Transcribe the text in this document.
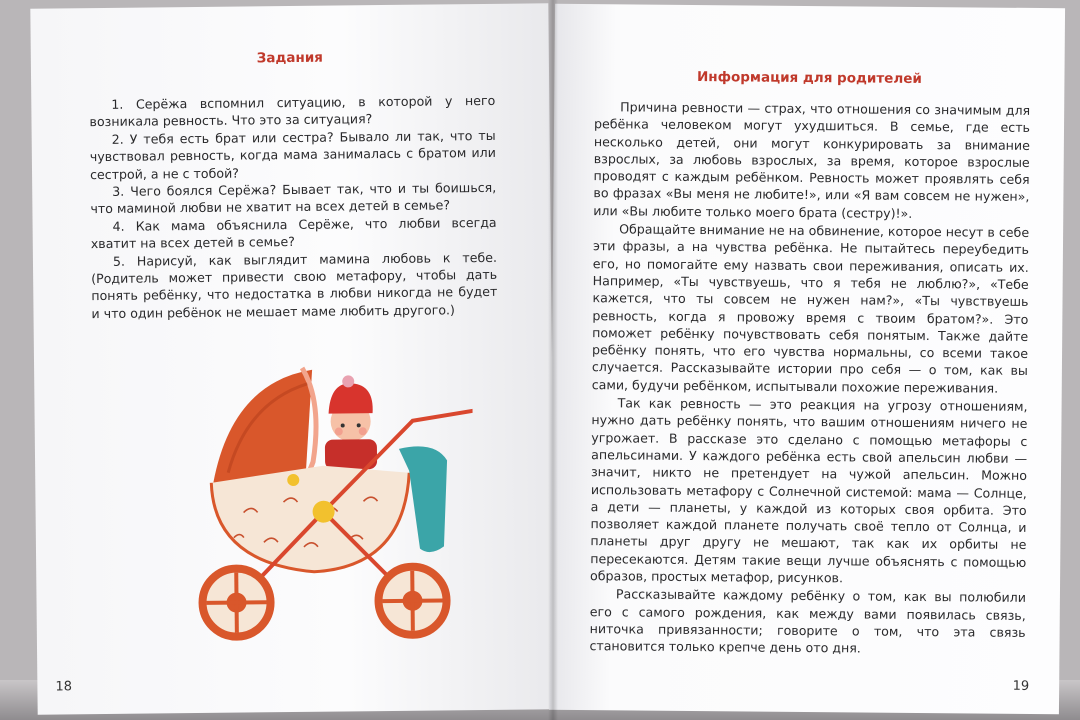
Задания
1. Серёжа вспомнил ситуацию, в которой у него возникала ревность. Что это за ситуация?
2. У тебя есть брат или сестра? Бывало ли так, что ты чувствовал ревность, когда мама занималась с братом или сестрой, а не с тобой?
3. Чего боялся Серёжа? Бывает так, что и ты боишься, что маминой любви не хватит на всех детей в семье?
4. Как мама объяснила Серёже, что любви всегда хватит на всех детей в семье?
5. Нарисуй, как выглядит мамина любовь к тебе. (Родитель может привести свою метафору, чтобы дать понять ребёнку, что недостатка в любви никогда не будет и что один ребёнок не мешает маме любить другого.)
18
Информация для родителей

Причина ревности — страх, что отношения со значимым для ребёнка человеком могут ухудшиться. В семье, где есть несколько детей, они могут конкурировать за внимание взрослых, за любовь взрослых, за время, которое взрослые проводят с каждым ребёнком. Ревность может проявлять себя во фразах «Вы меня не любите!», или «Я вам совсем не нужен», или «Вы любите только моего брата (сестру)!».

Обращайте внимание не на обвинение, которое несут в себе эти фразы, а на чувства ребёнка. Не пытайтесь переубедить его, но помогайте ему назвать свои переживания, описать их. Например, «Ты чувствуешь, что я тебя не люблю?», «Тебе кажется, что ты совсем не нужен нам?», «Ты чувствуешь ревность, когда я провожу время с твоим братом?». Это поможет ребёнку почувствовать себя понятым. Также дайте ребёнку понять, что его чувства нормальны, со всеми такое случается. Рассказывайте истории про себя — о том, как вы сами, будучи ребёнком, испытывали похожие переживания.

Так как ревность — это реакция на угрозу отношениям, нужно дать ребёнку понять, что вашим отношениям ничего не угрожает. В рассказе это сделано с помощью метафоры с апельсинами. У каждого ребёнка есть свой апельсин любви — значит, никто не претендует на чужой апельсин. Можно использовать метафору с Солнечной системой: мама — Солнце, а дети — планеты, у каждой из которых своя орбита. Это позволяет каждой планете получать своё тепло от Солнца, и планеты друг другу не мешают, так как их орбиты не пересекаются. Детям такие вещи лучше объяснять с помощью образов, простых метафор, рисунков.

Рассказывайте каждому ребёнку о том, как вы полюбили его с самого рождения, как между вами появилась связь, ниточка привязанности; говорите о том, что эта связь становится только крепче день ото дня.

19
